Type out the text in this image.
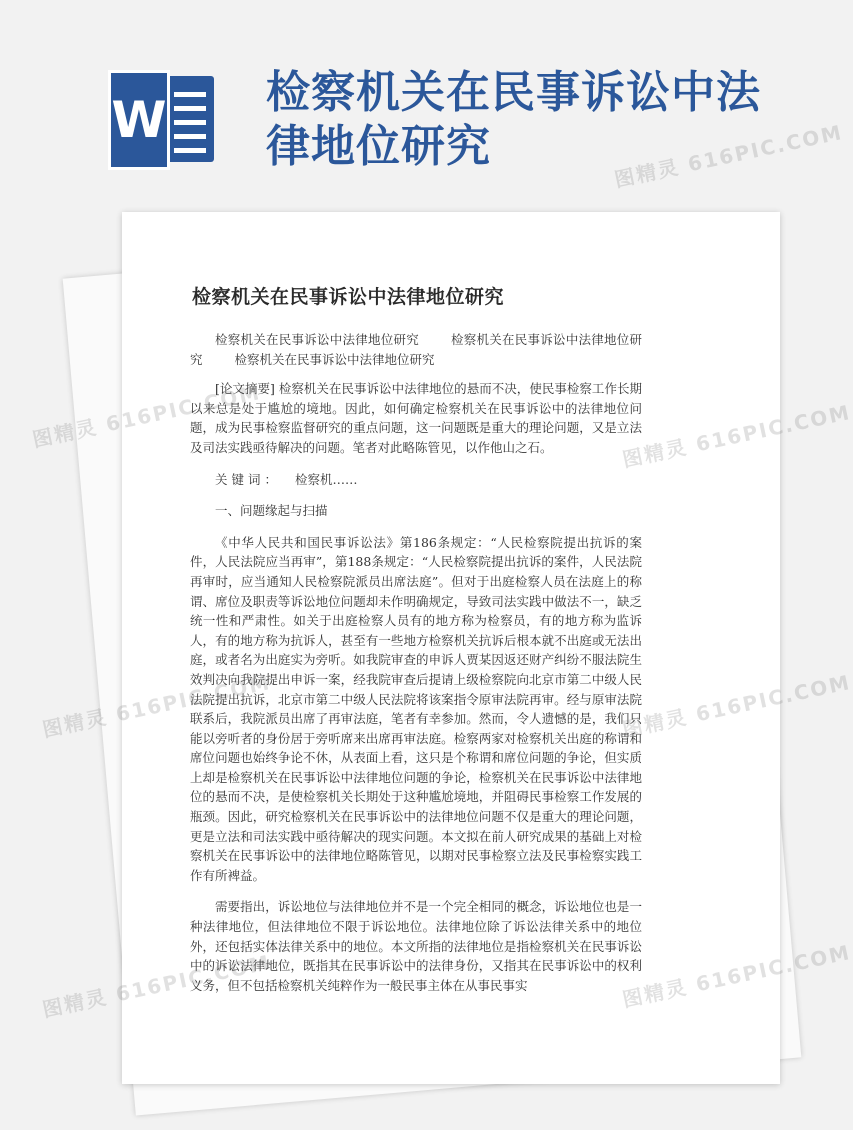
W 检察机关在民事诉讼中法律地位研究
检察机关在民事诉讼中法律地位研究
检察机关在民事诉讼中法律地位研究	检察机关在民事诉讼中法律地位研究	检察机关在民事诉讼中法律地位研究

[论文摘要] 检察机关在民事诉讼中法律地位的悬而不决，使民事检察工作长期以来总是处于尴尬的境地。因此，如何确定检察机关在民事诉讼中的法律地位问题，成为民事检察监督研究的重点问题，这一问题既是重大的理论问题，又是立法及司法实践亟待解决的问题。笔者对此略陈管见，以作他山之石。

关键词： 检察机……

一、问题缘起与扫描

《中华人民共和国民事诉讼法》第186条规定：“人民检察院提出抗诉的案件，人民法院应当再审”，第188条规定：“人民检察院提出抗诉的案件，人民法院再审时，应当通知人民检察院派员出席法庭”。但对于出庭检察人员在法庭上的称谓、席位及职责等诉讼地位问题却未作明确规定，导致司法实践中做法不一，缺乏统一性和严肃性。如关于出庭检察人员有的地方称为检察员，有的地方称为监诉人，有的地方称为抗诉人，甚至有一些地方检察机关抗诉后根本就不出庭或无法出庭，或者名为出庭实为旁听。如我院审查的申诉人贾某因返还财产纠纷不服法院生效判决向我院提出申诉一案，经我院审查后提请上级检察院向北京市第二中级人民法院提出抗诉，北京市第二中级人民法院将该案指令原审法院再审。经与原审法院联系后，我院派员出席了再审法庭，笔者有幸参加。然而，令人遗憾的是，我们只能以旁听者的身份居于旁听席来出席再审法庭。检察两家对检察机关出庭的称谓和席位问题也始终争论不休，从表面上看，这只是个称谓和席位问题的争论，但实质上却是检察机关在民事诉讼中法律地位问题的争论，检察机关在民事诉讼中法律地位的悬而不决，是使检察机关长期处于这种尴尬境地，并阻碍民事检察工作发展的瓶颈。因此，研究检察机关在民事诉讼中的法律地位问题不仅是重大的理论问题，更是立法和司法实践中亟待解决的现实问题。本文拟在前人研究成果的基础上对检察机关在民事诉讼中的法律地位略陈管见，以期对民事检察立法及民事检察实践工作有所裨益。

需要指出，诉讼地位与法律地位并不是一个完全相同的概念，诉讼地位也是一种法律地位，但法律地位不限于诉讼地位。法律地位除了诉讼法律关系中的地位外，还包括实体法律关系中的地位。本文所指的法律地位是指检察机关在民事诉讼中的诉讼法律地位，既指其在民事诉讼中的法律身份，又指其在民事诉讼中的权利义务，但不包括检察机关纯粹作为一般民事主体在从事民事实

图精灵 616PIC.COM
图精灵 616PIC.COM	图精灵 616PIC.COM
图精灵 616PIC.COM	图精灵 616PIC.COM
图精灵 616PIC.COM	图精灵 616PIC.COM
